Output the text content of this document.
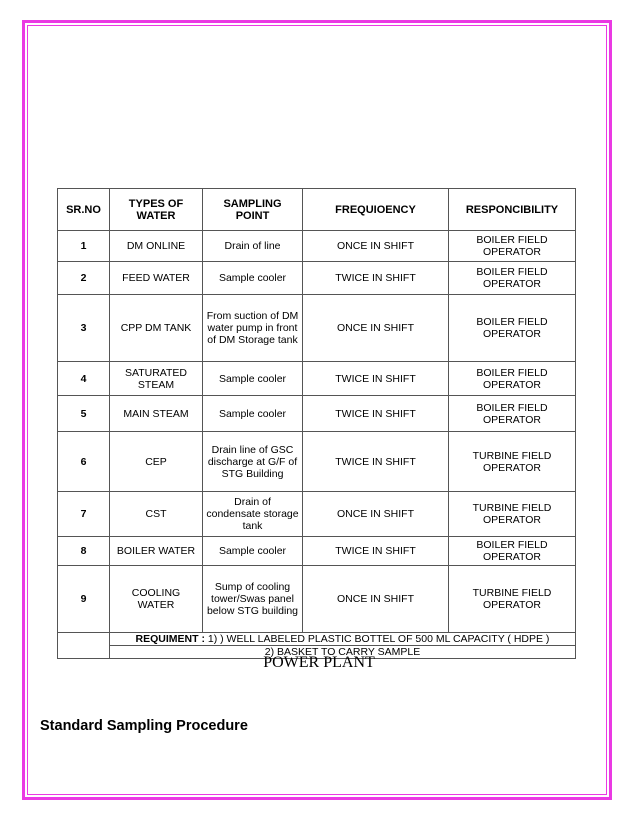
SR.NO	TYPES OF WATER	SAMPLING POINT	FREQUIOENCY	RESPONCIBILITY
1	DM ONLINE	Drain of line	ONCE IN SHIFT	BOILER FIELD OPERATOR
2	FEED WATER	Sample cooler	TWICE IN SHIFT	BOILER FIELD OPERATOR
3	CPP DM TANK	From suction of DM water pump in front of DM Storage tank	ONCE IN SHIFT	BOILER FIELD OPERATOR
4	SATURATED STEAM	Sample cooler	TWICE IN SHIFT	BOILER FIELD OPERATOR
5	MAIN STEAM	Sample cooler	TWICE IN SHIFT	BOILER FIELD OPERATOR
6	CEP	Drain line of GSC discharge at G/F of STG Building	TWICE IN SHIFT	TURBINE FIELD OPERATOR
7	CST	Drain of condensate storage tank	ONCE IN SHIFT	TURBINE FIELD OPERATOR
8	BOILER WATER	Sample cooler	TWICE IN SHIFT	BOILER FIELD OPERATOR
9	COOLING WATER	Sump of cooling tower/Swas panel below STG building	ONCE IN SHIFT	TURBINE FIELD OPERATOR
	REQUIMENT : 1) ) WELL LABELED PLASTIC BOTTEL OF 500 ML CAPACITY ( HDPE )			
	2) BASKET TO CARRY SAMPLE			
POWER PLANT
Standard Sampling Procedure
